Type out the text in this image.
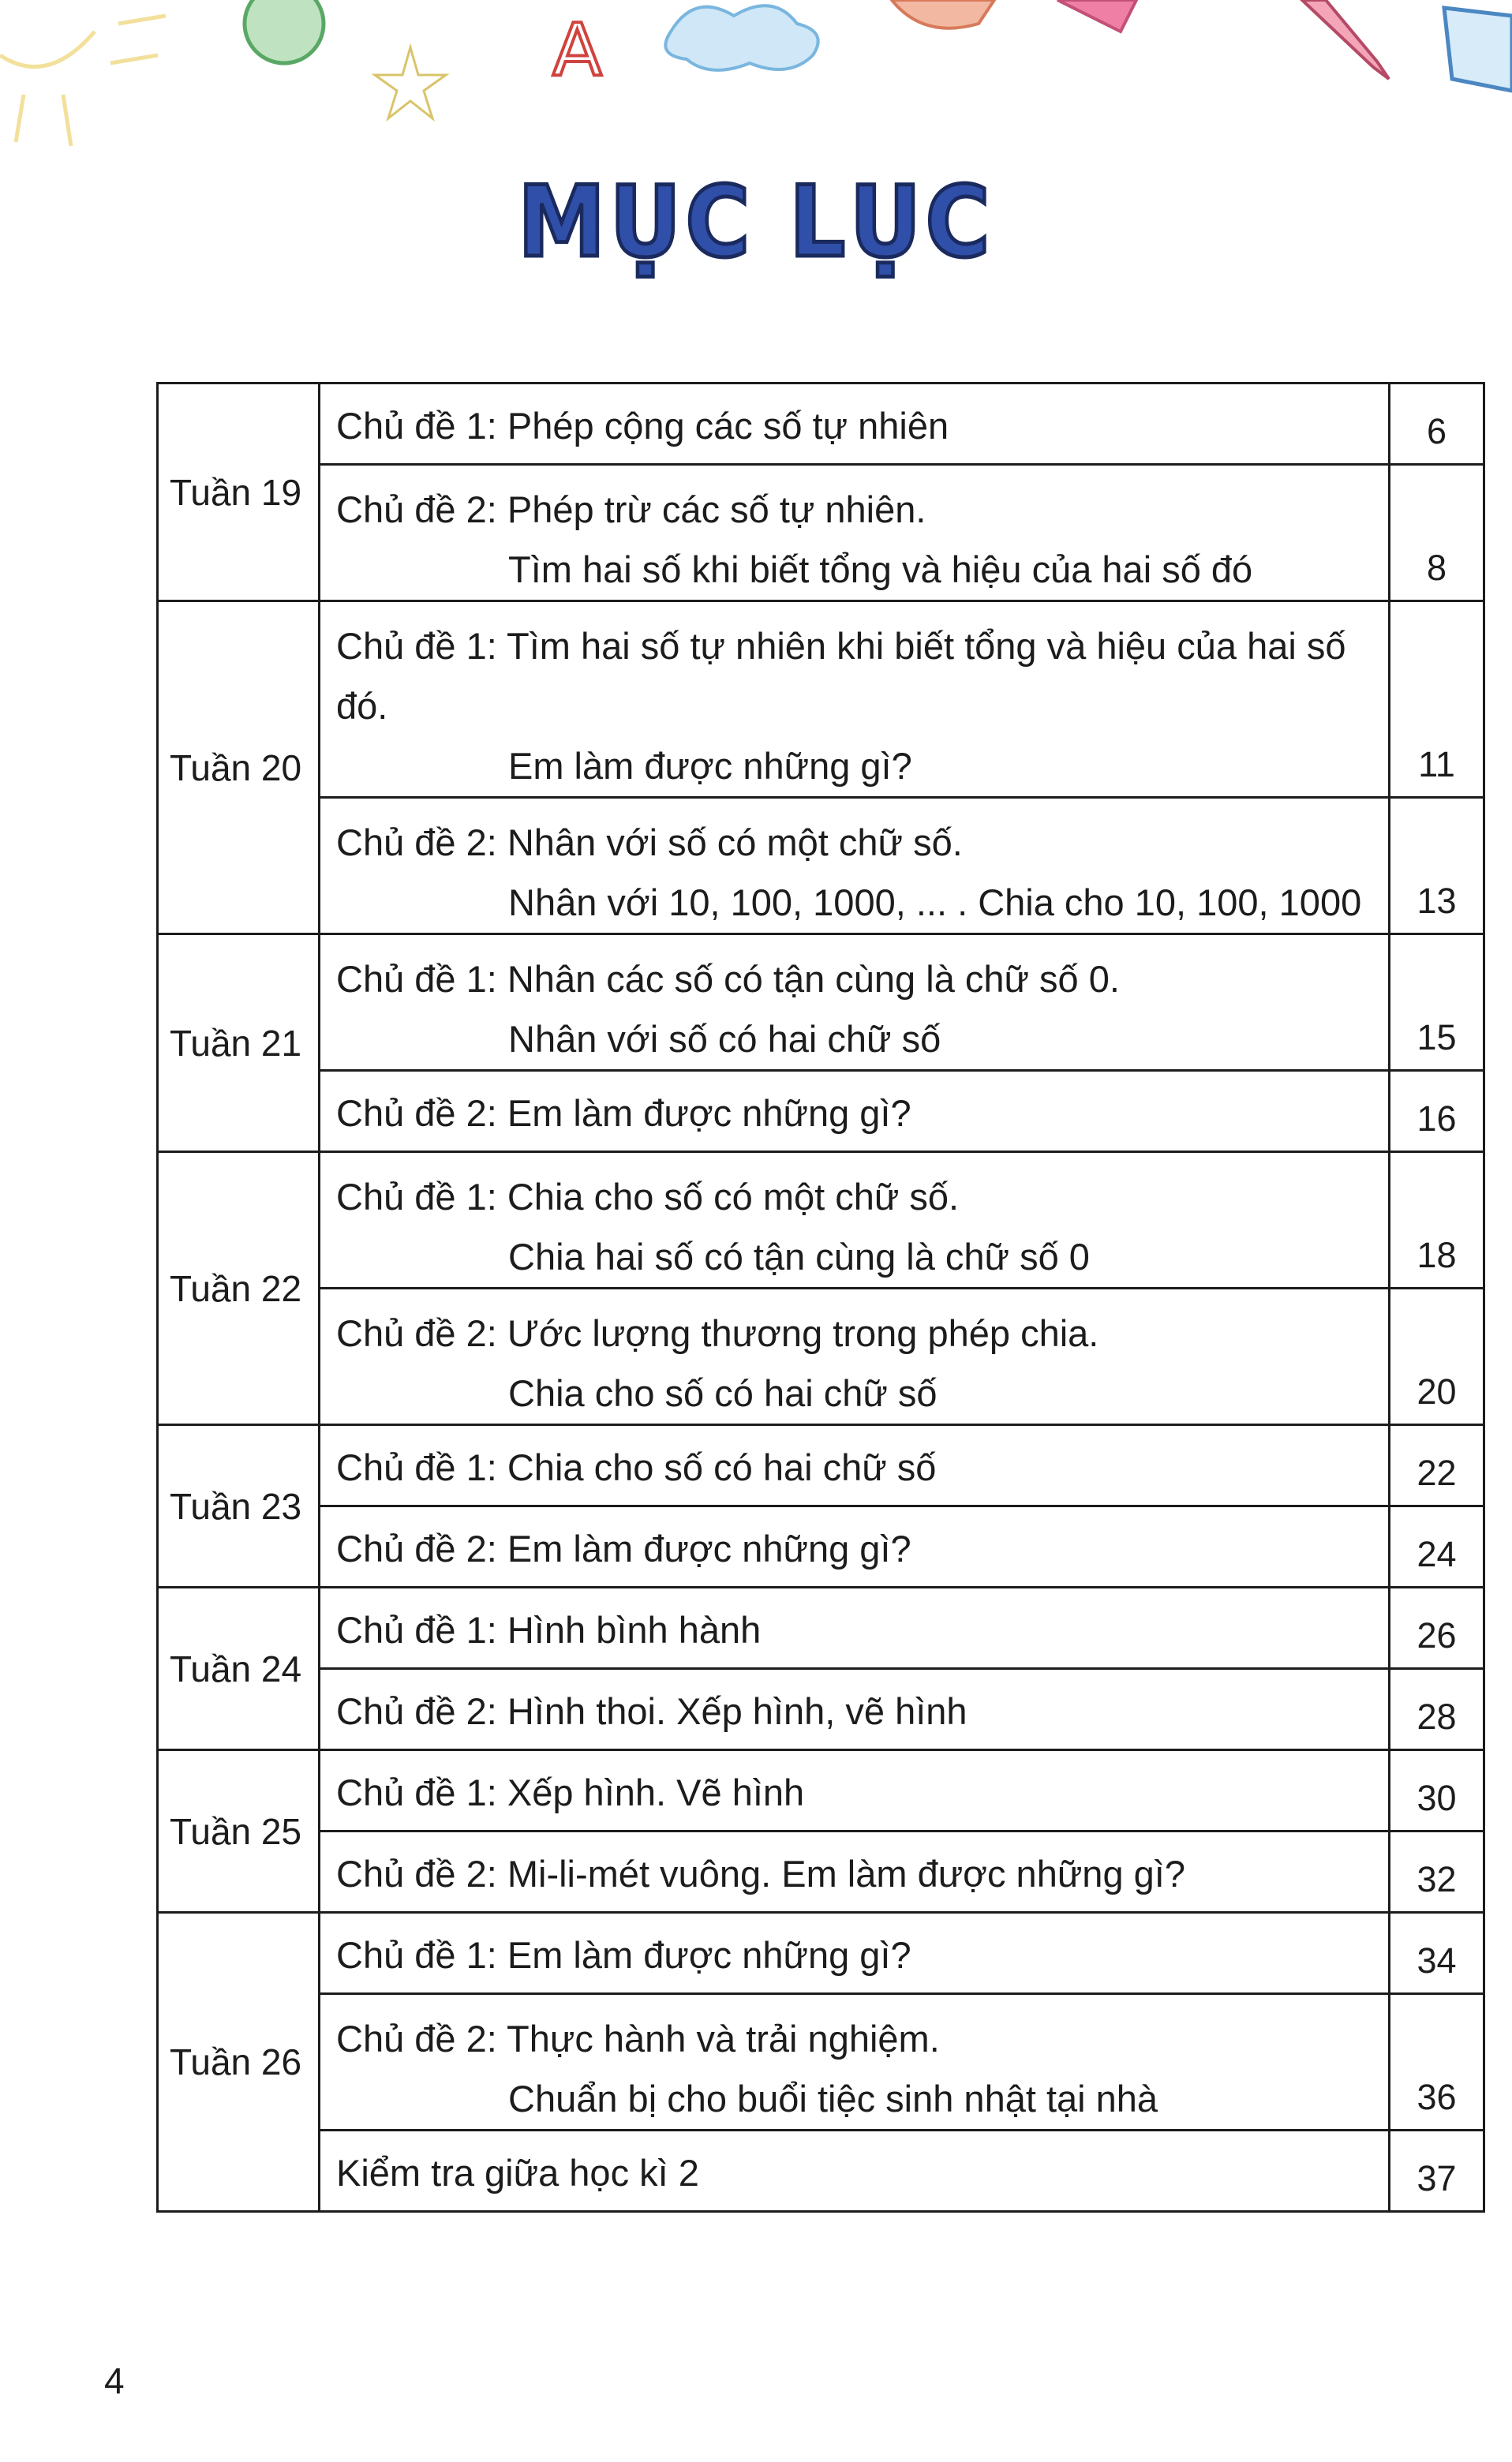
A
MỤC LỤC
Tuần 19	Chủ đề 1: Phép cộng các số tự nhiên	6

	Chủ đề 2: Phép trừ các số tự nhiên.
Tìm hai số khi biết tổng và hiệu của hai số đó	8
Tuần 20	Chủ đề 1: Tìm hai số tự nhiên khi biết tổng và hiệu của hai số đó.
Em làm được những gì?	11

	Chủ đề 2: Nhân với số có một chữ số.
Nhân với 10, 100, 1000, ... . Chia cho 10, 100, 1000	13
Tuần 21	Chủ đề 1: Nhân các số có tận cùng là chữ số 0.
Nhân với số có hai chữ số	15

	Chủ đề 2: Em làm được những gì?	16
Tuần 22	Chủ đề 1: Chia cho số có một chữ số.
Chia hai số có tận cùng là chữ số 0	18

	Chủ đề 2: Ước lượng thương trong phép chia.
Chia cho số có hai chữ số	20
Tuần 23	Chủ đề 1: Chia cho số có hai chữ số	22

	Chủ đề 2: Em làm được những gì?	24
Tuần 24	Chủ đề 1: Hình bình hành	26

	Chủ đề 2: Hình thoi. Xếp hình, vẽ hình	28
Tuần 25	Chủ đề 1: Xếp hình. Vẽ hình	30

	Chủ đề 2: Mi-li-mét vuông. Em làm được những gì?	32
Tuần 26	Chủ đề 1: Em làm được những gì?	34

	Chủ đề 2: Thực hành và trải nghiệm.
Chuẩn bị cho buổi tiệc sinh nhật tại nhà	36

	Kiểm tra giữa học kì 2	37
4
